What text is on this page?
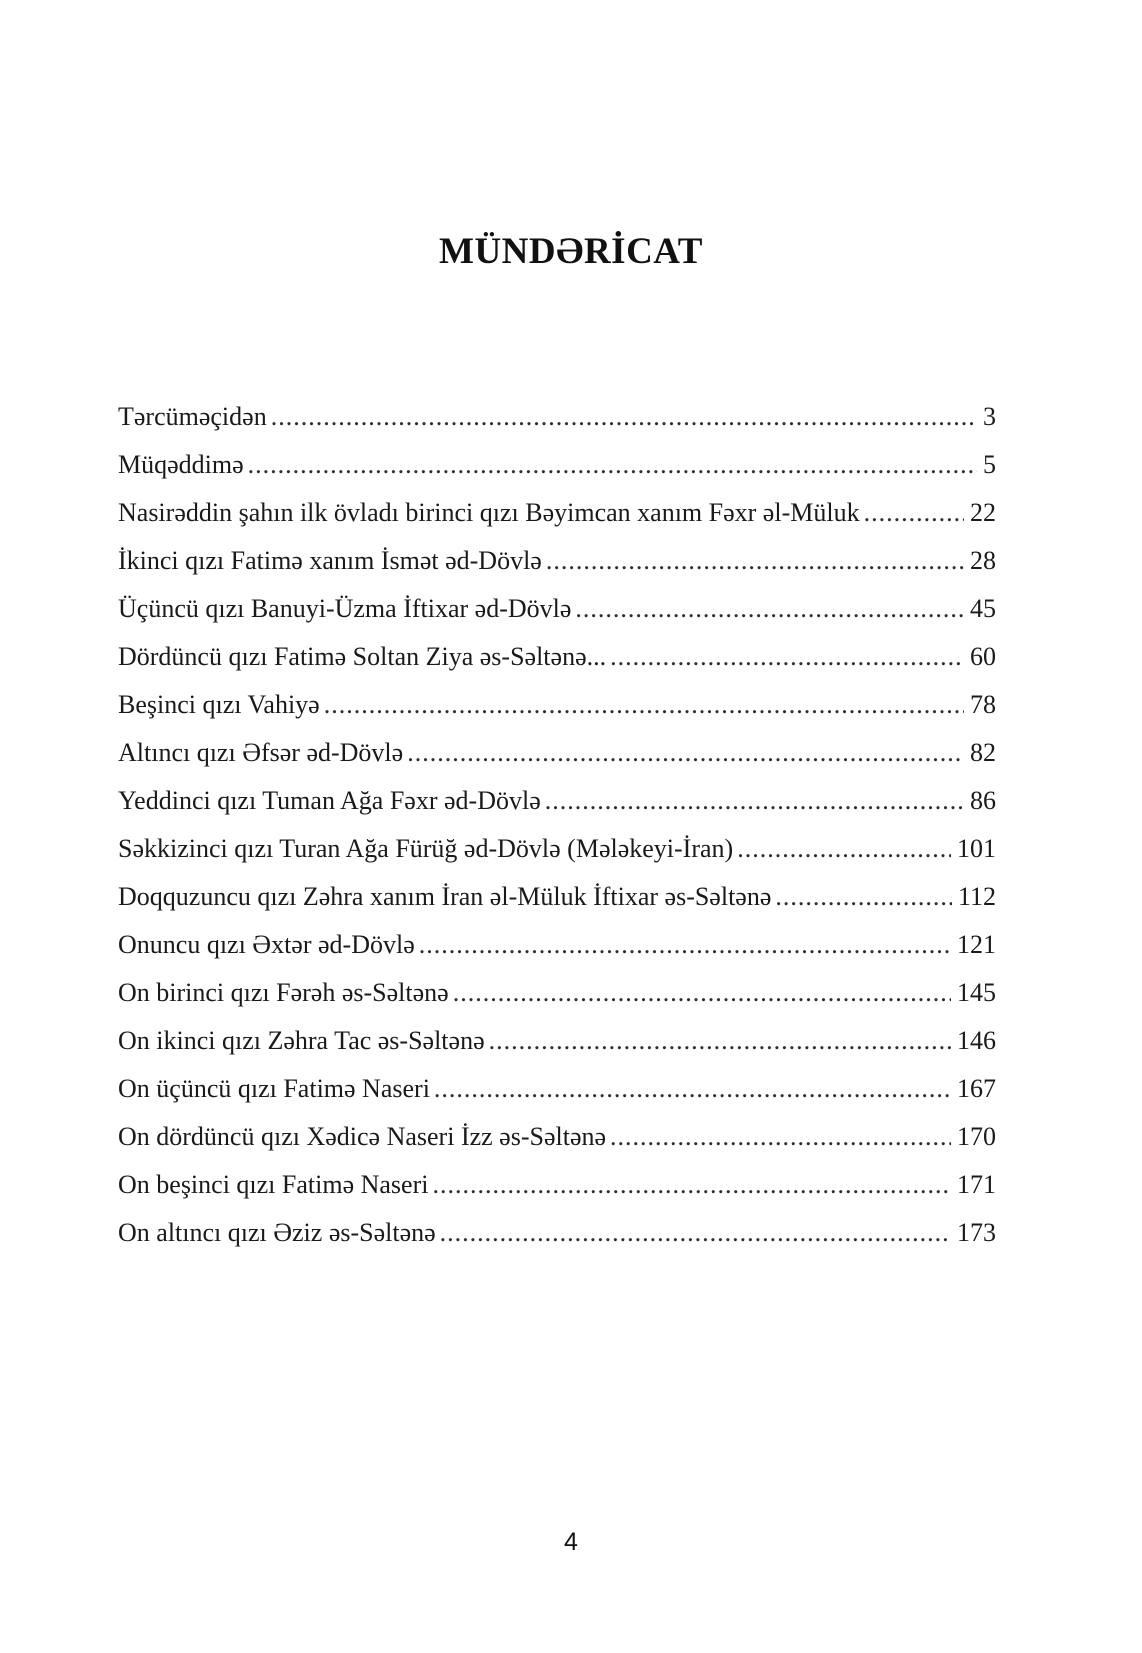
MÜNDƏRİCAT
Tərcüməçidən .....	3
Müqəddimə .....	5
Nasirəddin şahın ilk övladı birinci qızı Bəyimcan xanım Fəxr əl-Müluk .....	22
İkinci qızı Fatimə xanım İsmət əd-Dövlə .....	28
Üçüncü qızı Banuyi-Üzma İftixar əd-Dövlə .....	45
Dördüncü qızı Fatimə Soltan Ziya əs-Səltənə... .....	60
Beşinci qızı Vahiyə .....	78
Altıncı qızı Əfsər əd-Dövlə .....	82
Yeddinci qızı Tuman Ağa Fəxr əd-Dövlə .....	86
Səkkizinci qızı Turan Ağa Fürüğ əd-Dövlə (Mələkeyi-İran) .....	101
Doqquzuncu qızı Zəhra xanım İran əl-Müluk İftixar əs-Səltənə .....	112
Onuncu qızı Əxtər əd-Dövlə .....	121
On birinci qızı Fərəh əs-Səltənə .....	145
On ikinci qızı Zəhra Tac əs-Səltənə .....	146
On üçüncü qızı Fatimə Naseri .....	167
On dördüncü qızı Xədicə Naseri İzz əs-Səltənə .....	170
On beşinci qızı Fatimə Naseri .....	171
On altıncı qızı Əziz əs-Səltənə .....	173
4
